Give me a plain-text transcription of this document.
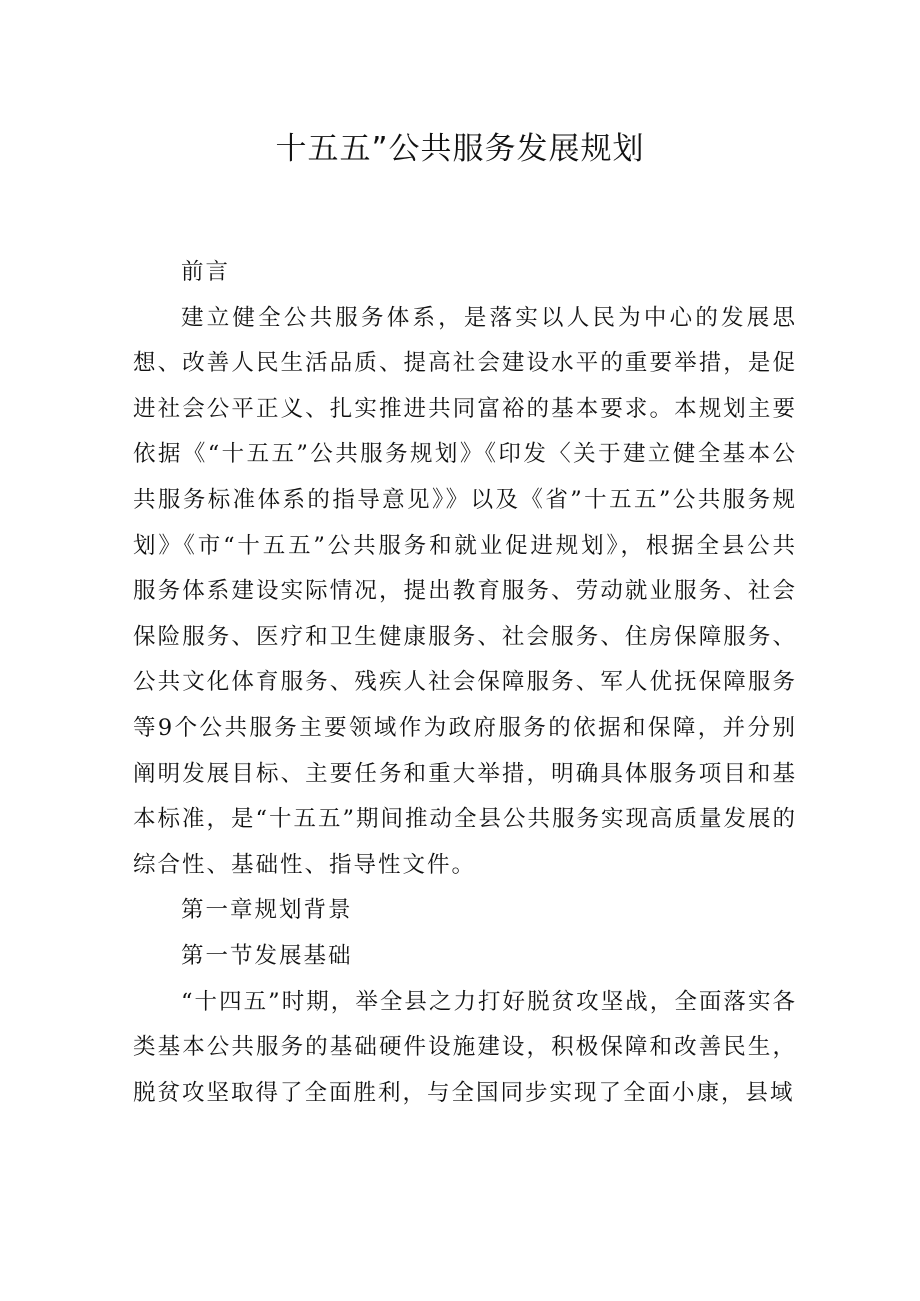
十五五”公共服务发展规划

前言

建立健全公共服务体系，是落实以人民为中心的发展思想、改善人民生活品质、提高社会建设水平的重要举措，是促进社会公平正义、扎实推进共同富裕的基本要求。本规划主要依据《“十五五”公共服务规划》《印发〈关于建立健全基本公共服务标准体系的指导意见》》以及《省”十五五”公共服务规划》《市“十五五”公共服务和就业促进规划》，根据全县公共服务体系建设实际情况，提出教育服务、劳动就业服务、社会保险服务、医疗和卫生健康服务、社会服务、住房保障服务、公共文化体育服务、残疾人社会保障服务、军人优抚保障服务等9个公共服务主要领域作为政府服务的依据和保障，并分别阐明发展目标、主要任务和重大举措，明确具体服务项目和基本标准，是“十五五”期间推动全县公共服务实现高质量发展的综合性、基础性、指导性文件。

第一章规划背景

第一节发展基础

“十四五”时期，举全县之力打好脱贫攻坚战，全面落实各类基本公共服务的基础硬件设施建设，积极保障和改善民生，脱贫攻坚取得了全面胜利，与全国同步实现了全面小康，县域
